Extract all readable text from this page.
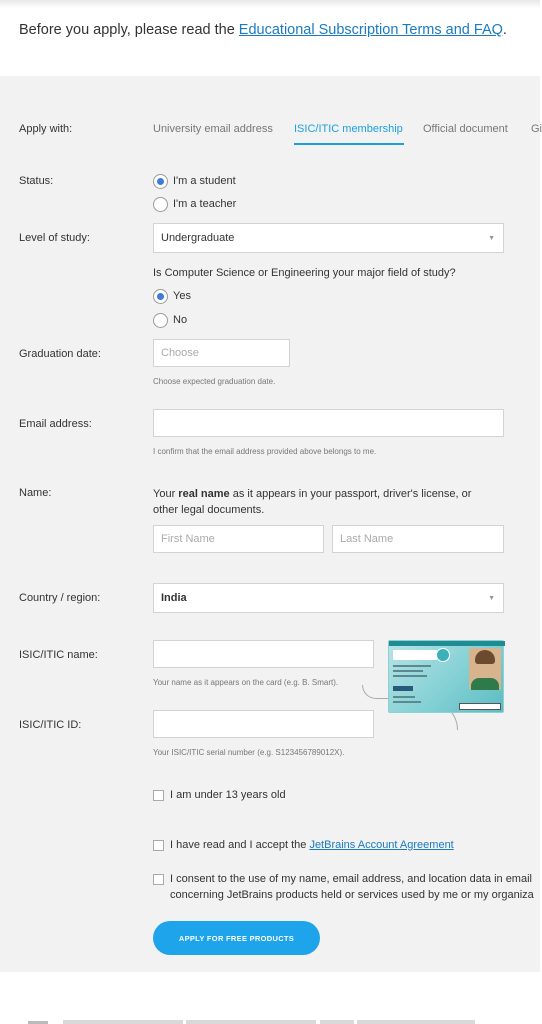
Before you apply, please read the Educational Subscription Terms and FAQ.
Apply with:	University email address ISIC/ITIC membership Official document Gi
Status:	I'm a student
I'm a teacher
Level of study:	Undergraduate	▼
Is Computer Science or Engineering your major field of study?
Yes
No
Graduation date:	Choose
Choose expected graduation date.
Email address:
I confirm that the email address provided above belongs to me.
Name:	Your real name as it appears in your passport, driver's license, or other legal documents.
First Name	Last Name
Country / region:	India	▼
ISIC/ITIC name:
Your name as it appears on the card (e.g. B. Smart).
ISIC/ITIC ID:
Your ISIC/ITIC serial number (e.g. S123456789012X).
I am under 13 years old
I have read and I accept the JetBrains Account Agreement
I consent to the use of my name, email address, and location data in email
concerning JetBrains products held or services used by me or my organiza
APPLY FOR FREE PRODUCTS
